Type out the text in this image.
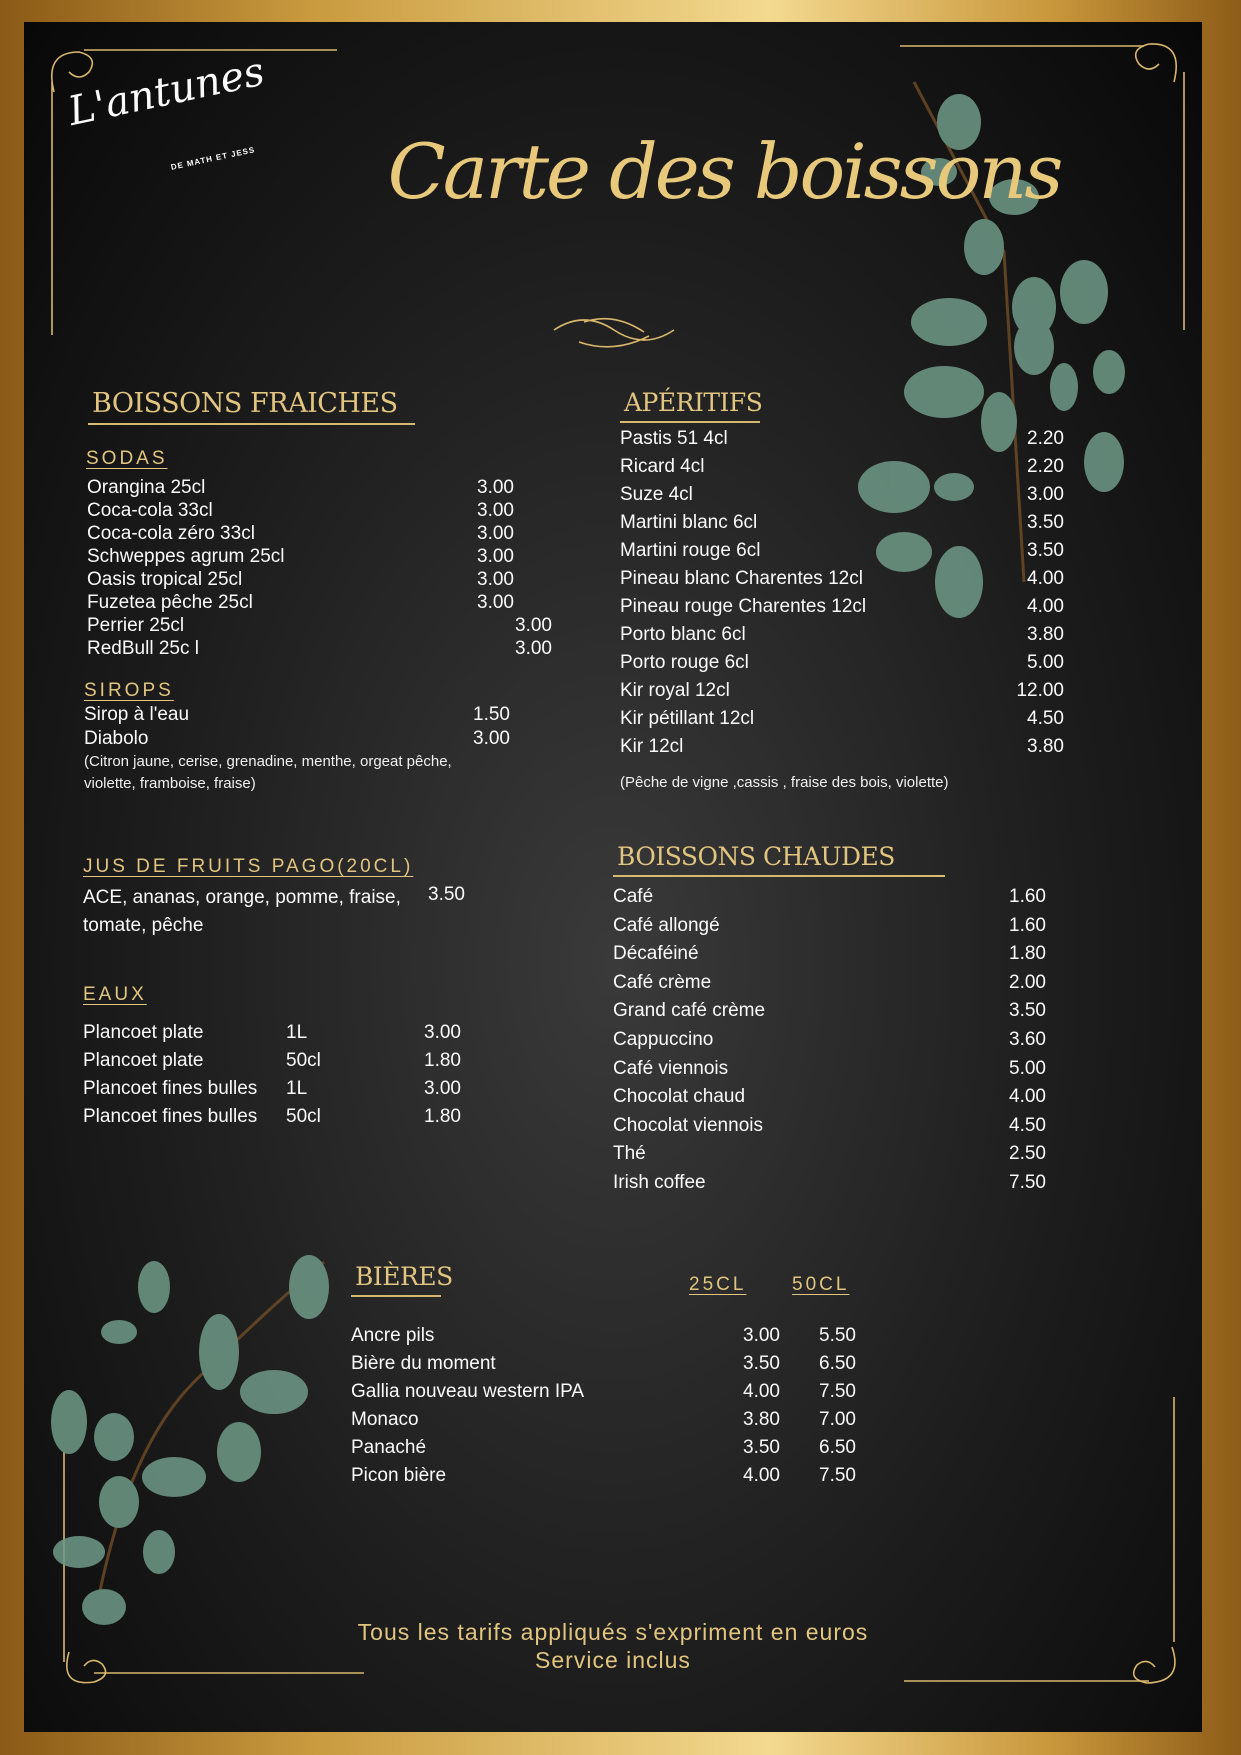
L'antunes
DE MATH ET JESS	Carte des boissons
BOISSONS FRAICHES
SODAS
Orangina 25cl	3.00
Coca-cola 33cl	3.00
Coca-cola zéro 33cl	3.00
Schweppes agrum 25cl	3.00
Oasis tropical 25cl	3.00
Fuzetea pêche 25cl	3.00
Perrier 25cl	3.00
RedBull 25c l	3.00
SIROPS
Sirop à l'eau	1.50
Diabolo	3.00
(Citron jaune, cerise, grenadine, menthe, orgeat pêche, violette, framboise, fraise)
JUS DE FRUITS PAGO(20CL)
ACE, ananas, orange, pomme, fraise, tomate, pêche
3.50
EAUX
Plancoet plate	1L	3.00
Plancoet plate	50cl	1.80
Plancoet fines bulles 1L	3.00
Plancoet fines bulles 50cl	1.80
APÉRITIFS
Pastis 51 4cl	2.20
Ricard 4cl	2.20
Suze 4cl	3.00
Martini blanc 6cl	3.50
Martini rouge 6cl	3.50
Pineau blanc Charentes 12cl	4.00
Pineau rouge Charentes 12cl	4.00
Porto blanc 6cl	3.80
Porto rouge 6cl	5.00
Kir royal 12cl	12.00
Kir pétillant 12cl	4.50
Kir 12cl	3.80
(Pêche de vigne ,cassis , fraise des bois, violette)
BOISSONS CHAUDES
Café	1.60
Café allongé	1.60
Décaféiné	1.80
Café crème	2.00
Grand café crème	3.50
Cappuccino	3.60
Café viennois	5.00
Chocolat chaud	4.00
Chocolat viennois	4.50
Thé	2.50
Irish coffee	7.50
BIÈRES	25CL 50CL
Ancre pils	3.00	5.50
Bière du moment	3.50	6.50
Gallia nouveau western IPA	4.00	7.50
Monaco	3.80	7.00
Panaché	3.50	6.50
Picon bière	4.00	7.50
Tous les tarifs appliqués s'expriment en euros
Service inclus
